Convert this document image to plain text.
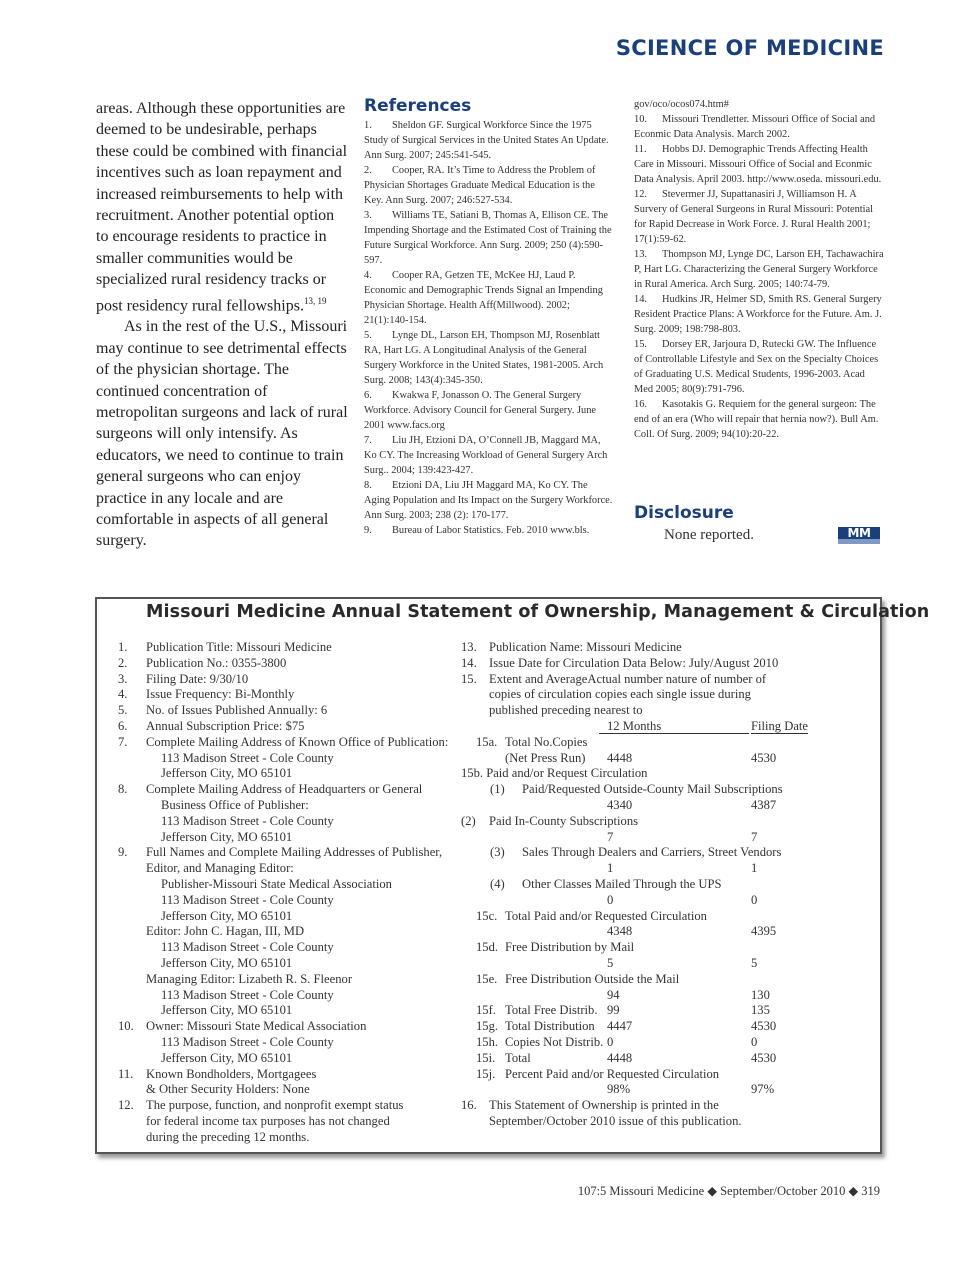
SCIENCE OF MEDICINE

areas. Although these opportunities are deemed to be undesirable, perhaps these could be combined with financial incentives such as loan repayment and increased reimbursements to help with recruitment. Another potential option to encourage residents to practice in smaller communities would be specialized rural residency tracks or post residency rural fellowships.$^{13, 19}$

As in the rest of the U.S., Missouri may continue to see detrimental effects of the physician shortage. The continued concentration of metropolitan surgeons and lack of rural surgeons will only intensify. As educators, we need to continue to train general surgeons who can enjoy practice in any locale and are comfortable in aspects of all general surgery.

References

1. Sheldon GF. Surgical Workforce Since the 1975 Study of Surgical Services in the United States An Update. Ann Surg. 2007; 245:541-545.

2. Cooper, RA. It’s Time to Address the Problem of Physician Shortages Graduate Medical Education is the Key. Ann Surg. 2007; 246:527-534.

3. Williams TE, Satiani B, Thomas A, Ellison CE. The Impending Shortage and the Estimated Cost of Training the Future Surgical Workforce. Ann Surg. 2009; 250 (4):590-597.

4. Cooper RA, Getzen TE, McKee HJ, Laud P. Economic and Demographic Trends Signal an Impending Physician Shortage. Health Aff(Millwood). 2002; 21(1):140-154.

5. Lynge DL, Larson EH, Thompson MJ, Rosenblatt RA, Hart LG. A Longitudinal Analysis of the General Surgery Workforce in the United States, 1981-2005. Arch Surg. 2008; 143(4):345-350.

6. Kwakwa F, Jonasson O. The General Surgery Workforce. Advisory Council for General Surgery. June 2001 www.facs.org

7. Liu JH, Etzioni DA, O’Connell JB, Maggard MA, Ko CY. The Increasing Workload of General Surgery Arch Surg.. 2004; 139:423-427.

8. Etzioni DA, Liu JH Maggard MA, Ko CY. The Aging Population and Its Impact on the Surgery Workforce. Ann Surg. 2003; 238 (2): 170-177.

9. Bureau of Labor Statistics. Feb. 2010 www.bls.

gov/oco/ocos074.htm#

10. Missouri Trendletter. Missouri Office of Social and Econmic Data Analysis. March 2002.

11. Hobbs DJ. Demographic Trends Affecting Health Care in Missouri. Missouri Office of Social and Econmic Data Analysis. April 2003. http://www.oseda. missouri.edu.

12. Stevermer JJ, Supattanasiri J, Williamson H. A Survery of General Surgeons in Rural Missouri: Potential for Rapid Decrease in Work Force. J. Rural Health 2001; 17(1):59-62.

13. Thompson MJ, Lynge DC, Larson EH, Tachawachira P, Hart LG. Characterizing the General Surgery Workforce in Rural America. Arch Surg. 2005; 140:74-79.

14. Hudkins JR, Helmer SD, Smith RS. General Surgery Resident Practice Plans: A Workforce for the Future. Am. J. Surg. 2009; 198:798-803.

15. Dorsey ER, Jarjoura D, Rutecki GW. The Influence of Controllable Lifestyle and Sex on the Specialty Choices of Graduating U.S. Medical Students, 1996-2003. Acad Med 2005; 80(9):791-796.

16. Kasotakis G. Requiem for the general surgeon: The end of an era (Who will repair that hernia now?). Bull Am. Coll. Of Surg. 2009; 94(10):20-22.

Disclosure
None reported.	MM
Missouri Medicine Annual Statement of Ownership, Management & Circulation
1. Publication Title: Missouri Medicine
2. Publication No.: 0355-3800
3. Filing Date: 9/30/10
4. Issue Frequency: Bi-Monthly
5. No. of Issues Published Annually: 6
6. Annual Subscription Price: $75
7. Complete Mailing Address of Known Office of Publication:
113 Madison Street - Cole County
Jefferson City, MO 65101
8. Complete Mailing Address of Headquarters or General
Business Office of Publisher:
113 Madison Street - Cole County
Jefferson City, MO 65101
9. Full Names and Complete Mailing Addresses of Publisher,
Editor, and Managing Editor:
Publisher-Missouri State Medical Association
113 Madison Street - Cole County
Jefferson City, MO 65101
Editor: John C. Hagan, III, MD
113 Madison Street - Cole County
Jefferson City, MO 65101
Managing Editor: Lizabeth R. S. Fleenor
113 Madison Street - Cole County
Jefferson City, MO 65101
10. Owner: Missouri State Medical Association
113 Madison Street - Cole County
Jefferson City, MO 65101
11. Known Bondholders, Mortgagees
& Other Security Holders: None
12. The purpose, function, and nonprofit exempt status
for federal income tax purposes has not changed
during the preceding 12 months.
13. Publication Name: Missouri Medicine
14. Issue Date for Circulation Data Below: July/August 2010
15. Extent and AverageActual number nature of number of
copies of circulation copies each single issue during
published preceding nearest to
12 Months	Filing Date
15a. Total No.Copies
(Net Press Run) 4448	4530
15b. Paid and/or Request Circulation
(1) Paid/Requested Outside-County Mail Subscriptions
4340	4387
(2) Paid In-County Subscriptions
7	7
(3) Sales Through Dealers and Carriers, Street Vendors
1	1
(4) Other Classes Mailed Through the UPS
0	0
15c. Total Paid and/or Requested Circulation
4348	4395
15d. Free Distribution by Mail
5	5
15e. Free Distribution Outside the Mail
94	130
15f. Total Free Distrib. 99	135
15g. Total Distribution 4447	4530
15h. Copies Not Distrib. 0	0
15i. Total	4448	4530
15j. Percent Paid and/or Requested Circulation
98%	97%
16. This Statement of Ownership is printed in the
September/October 2010 issue of this publication.
107:5 Missouri Medicine ◆ September/October 2010 ◆ 319
